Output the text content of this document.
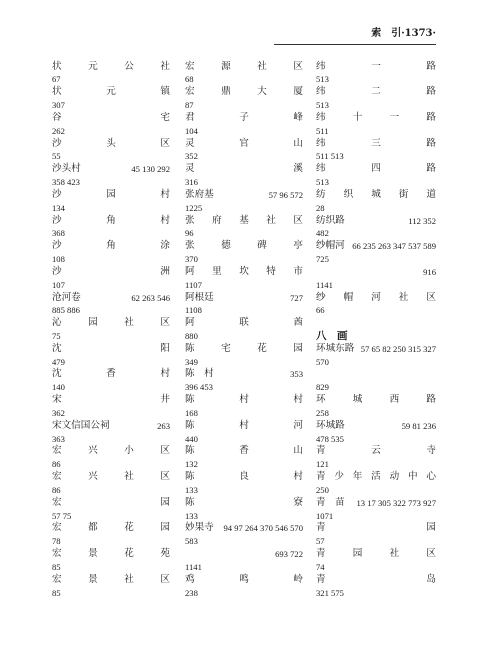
索　引·1373·
状	元	公	社
67
状	元	镇
307
谷	宅
262
沙	头	区
55
沙头村	45 130 292
358 423
沙	园	村
134
沙	角	村
368
沙	角	涂
108
沙	洲
107
沧河卷	62 263 546
885 886
沁	园	社	区
75
沈	阳
479
沈	香	村
140
宋	井
362
宋文信国公祠	263
363
宏	兴	小	区
86
宏	兴	社	区
86
宏	园
57 75
宏	都	花	园
78
宏	景	花	苑
85
宏	景	社	区
85
宏	源	社	区
68
宏	鼎	大	厦
87
君	子	峰
104
灵	官	山
352
灵	溪
316
张府基	57 96 572
1225
张 府 基 社 区
96
张	德	碑	亭
370
阿 里 坎 特 市
1107
阿根廷	727
1108
阿	联	酋
880
陈	宅	花	园
349
陈　村	353
396 453
陈	村	村
168
陈	村	河
440
陈	香	山
132
陈	良	村
133
陈	寮
133
妙果寺 94 97 264 370 546 570
583
693 722
1141
鸡	鸣	岭
238
纬	一	路
513
纬	二	路
513
纬	十	一	路
511
纬	三	路
511 513
纬	四	路
513
纺 织 城 街 道
28
纺织路	112 352
482
纱帽河 66 235 263 347 537 589
725
916
1141
纱 帽 河 社 区
66
八　画
环城东路 57 65 82 250 315 327
570
829
环	城	西	路
258
环城路	59 81 236
478 535
青	云	寺
121
青 少 年 活 动 中 心
250
青　苗 13 17 305 322 773 927
1071
青	园
57
青	园	社	区
74
青	岛
321 575
